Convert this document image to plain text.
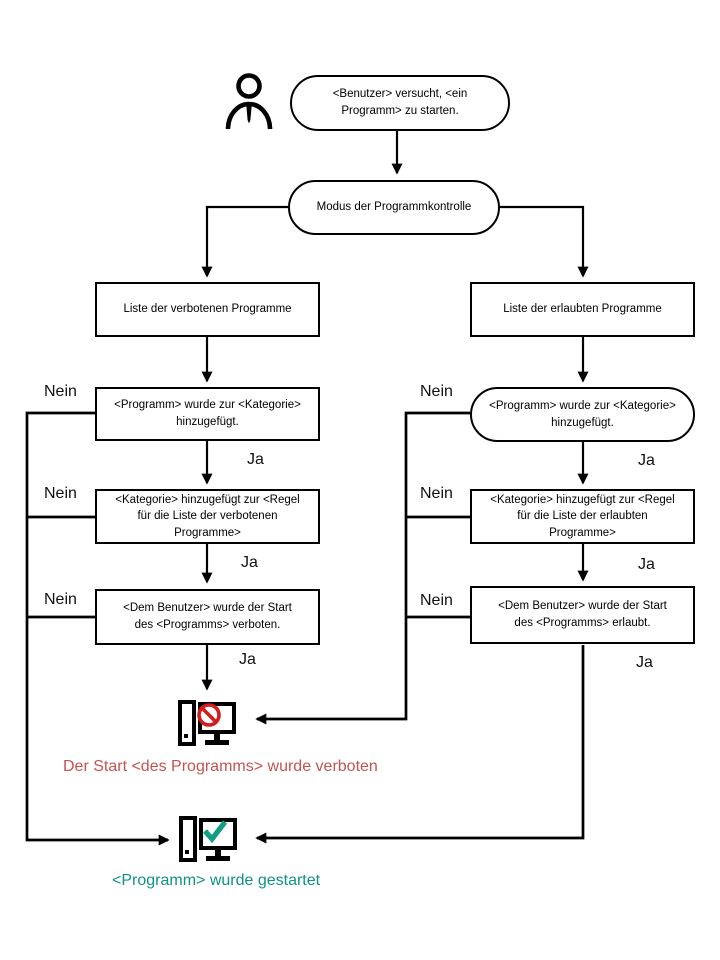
<Benutzer> versucht, <ein Programm> zu starten.
Modus der Programmkontrolle
Liste der verbotenen Programme	Liste der erlaubten Programme
<Programm> wurde zur <Kategorie> hinzugefügt.
<Programm> wurde zur <Kategorie> hinzugefügt.
<Kategorie> hinzugefügt zur <Regel für die Liste der verbotenen Programme>
<Kategorie> hinzugefügt zur <Regel für die Liste der erlaubten Programme>
<Dem Benutzer> wurde der Start des <Programms> verboten.
<Dem Benutzer> wurde der Start des <Programms> erlaubt.
Nein
Nein
Nein
Nein
Nein
Nein
Ja
Ja
Ja
Ja
Ja
Ja
Der Start <des Programms> wurde verboten
<Programm> wurde gestartet
